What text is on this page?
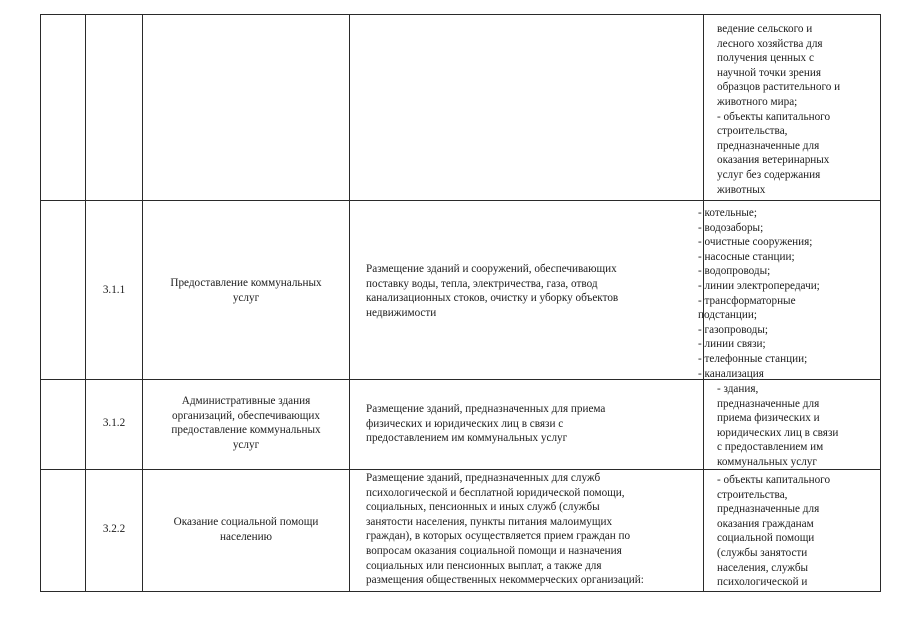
ведение сельского и
лесного хозяйства для
получения ценных с
научной точки зрения
образцов растительного и
животного мира;
- объекты капитального
строительства,
предназначенные для
оказания ветеринарных
услуг без содержания
животных
3.1.1
Предоставление коммунальных
услуг
Размещение зданий и сооружений, обеспечивающих
поставку воды, тепла, электричества, газа, отвод
канализационных стоков, очистку и уборку объектов
недвижимости
- котельные;
- водозаборы;
- очистные сооружения;
- насосные станции;
- водопроводы;
- линии электропередачи;
- трансформаторные
подстанции;
- газопроводы;
- линии связи;
- телефонные станции;
- канализация
3.1.2
Административные здания
организаций, обеспечивающих
предоставление коммунальных
услуг
Размещение зданий, предназначенных для приема
физических и юридических лиц в связи с
предоставлением им коммунальных услуг
- здания,
предназначенные для
приема физических и
юридических лиц в связи
с предоставлением им
коммунальных услуг
3.2.2
Оказание социальной помощи
населению
Размещение зданий, предназначенных для служб
психологической и бесплатной юридической помощи,
социальных, пенсионных и иных служб (службы
занятости населения, пункты питания малоимущих
граждан), в которых осуществляется прием граждан по
вопросам оказания социальной помощи и назначения
социальных или пенсионных выплат, а также для
размещения общественных некоммерческих организаций:
- объекты капитального
строительства,
предназначенные для
оказания гражданам
социальной помощи
(службы занятости
населения, службы
психологической и
